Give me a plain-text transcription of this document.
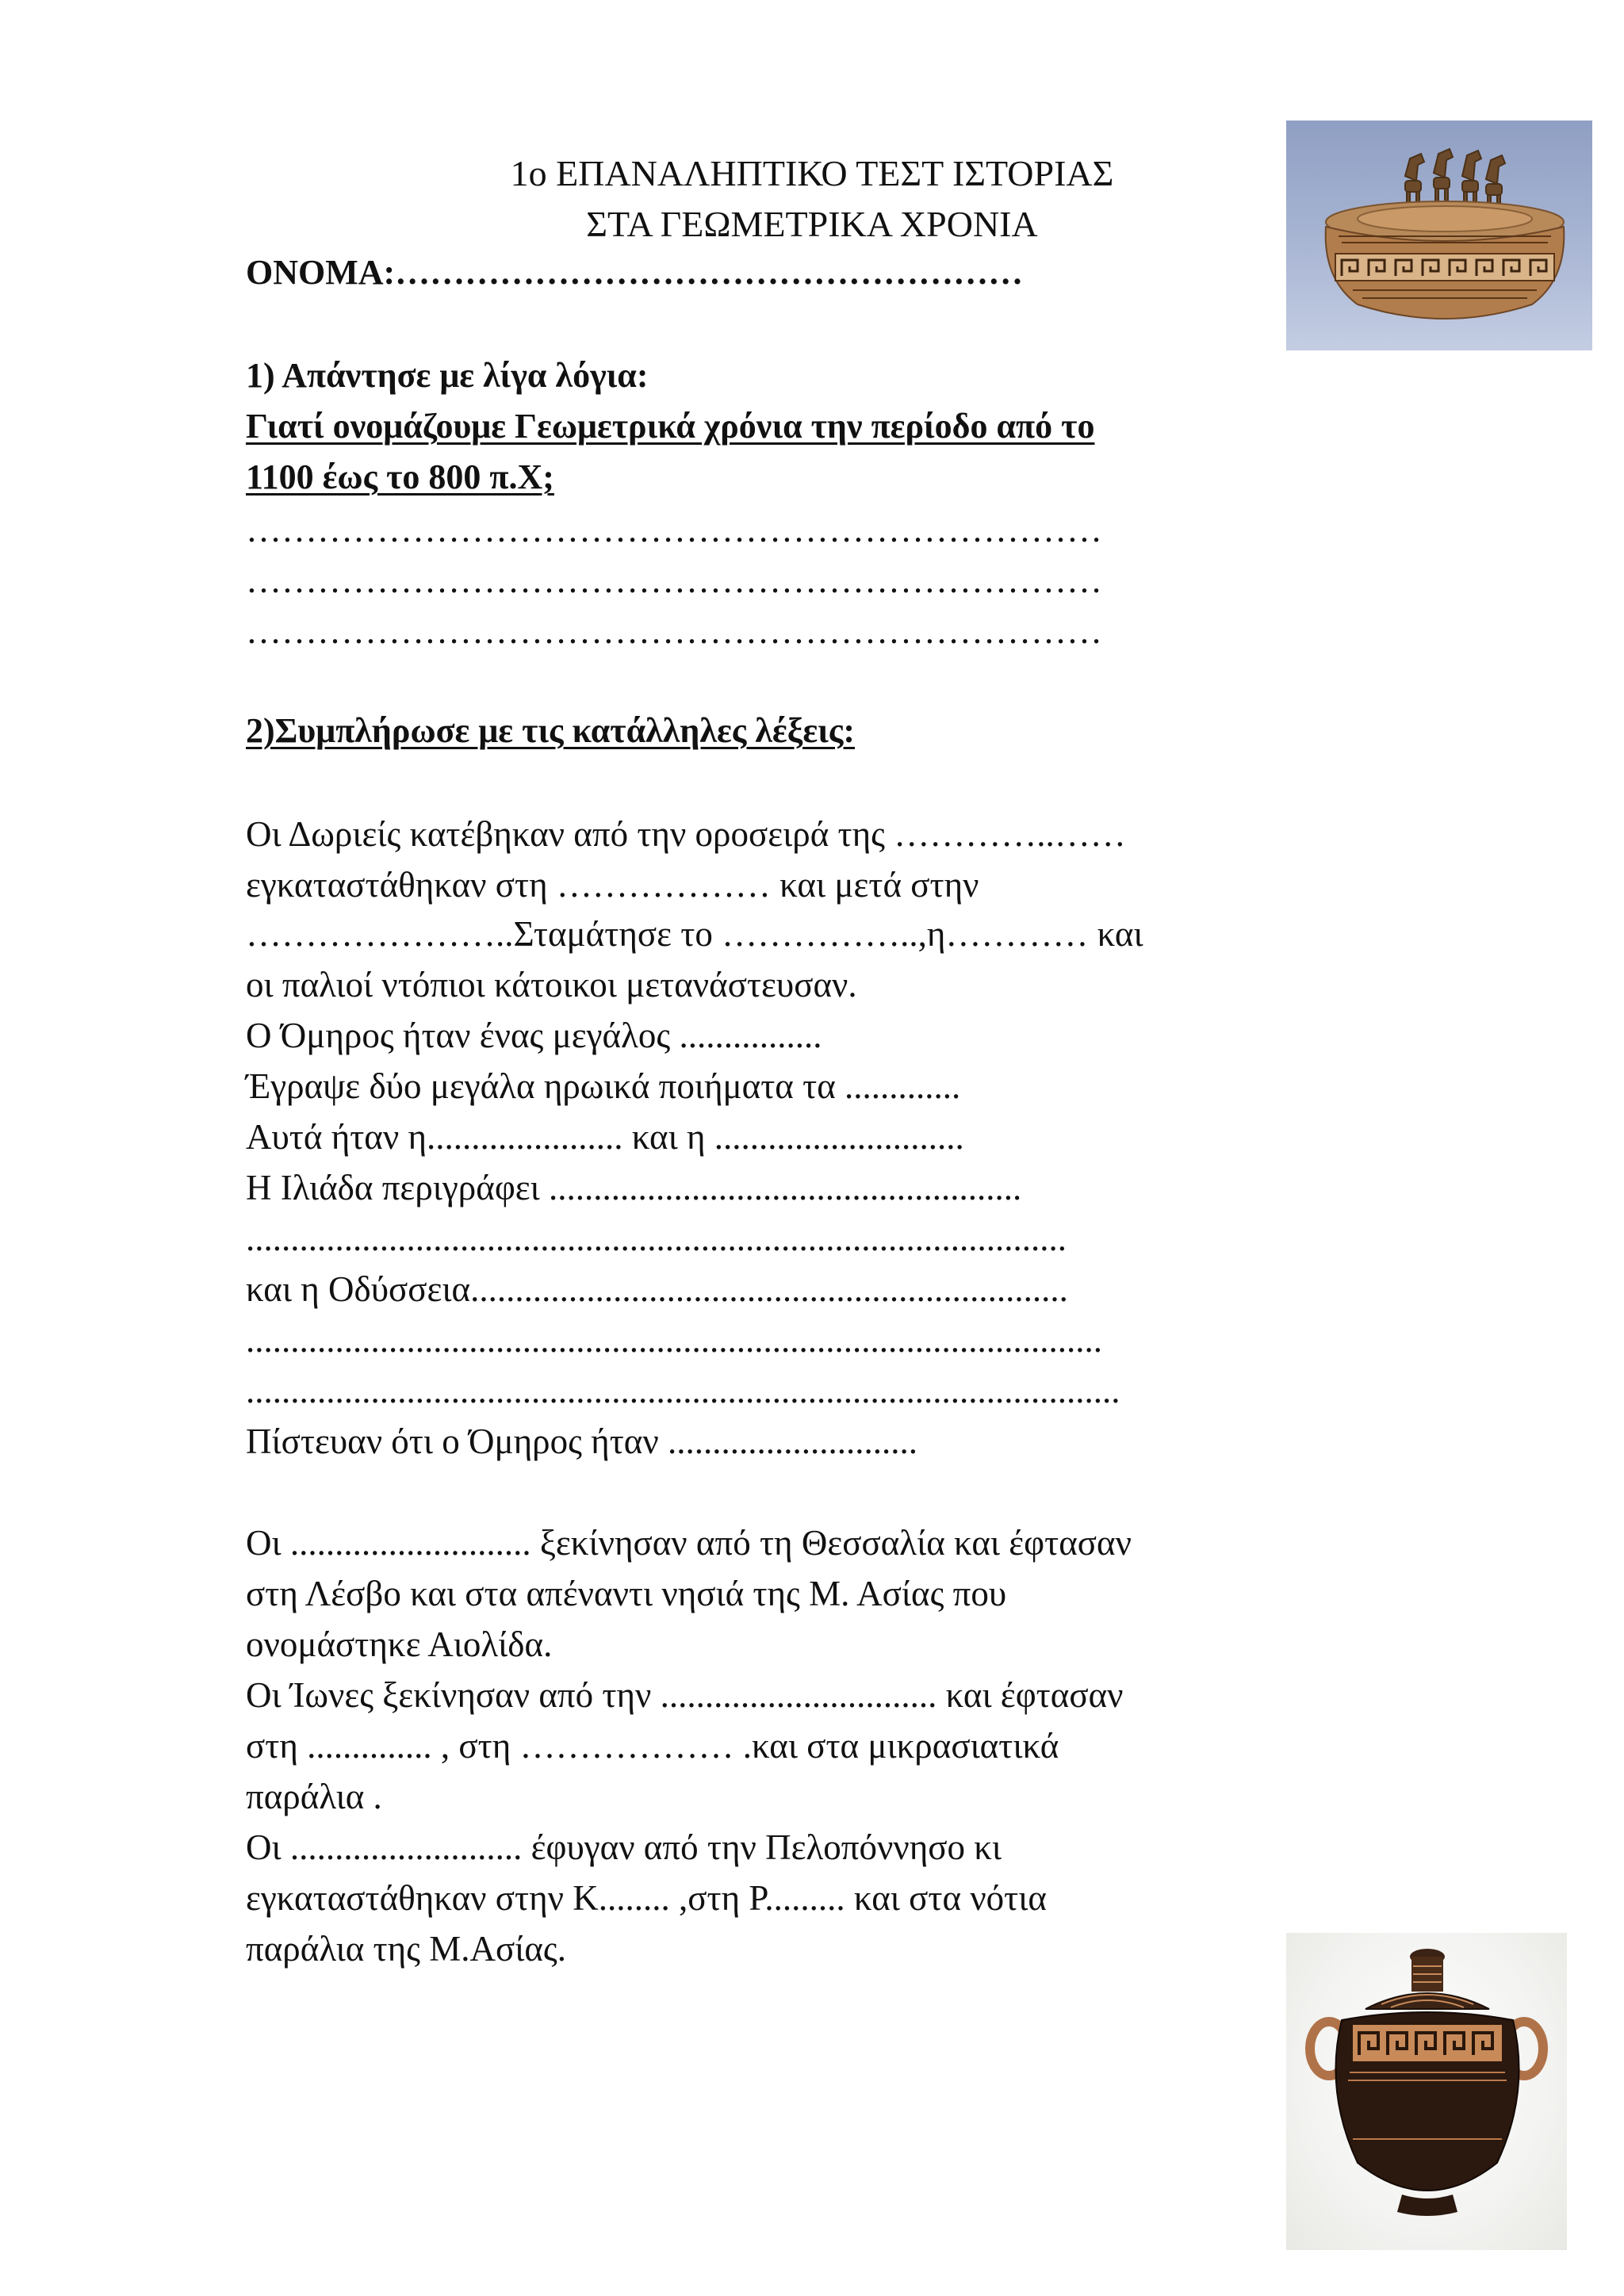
1ο ΕΠΑΝΑΛΗΠΤΙΚΟ ΤΕΣΤ ΙΣΤΟΡΙΑΣ
ΣΤΑ ΓΕΩΜΕΤΡΙΚΑ ΧΡΟΝΙΑ
ΟΝΟΜΑ:………………………………………………
1) Απάντησε με λίγα λόγια:
Γιατί ονομάζουμε Γεωμετρικά χρόνια την περίοδο από το
1100 έως το 800 π.Χ;
………………………………………………………………
………………………………………………………………
………………………………………………………………
2)Συμπλήρωσε με τις κατάλληλες λέξεις:
Οι Δωριείς κατέβηκαν από την οροσειρά της …………..……
εγκαταστάθηκαν στη ……………… και μετά στην
…………………..Σταμάτησε το ……………..,η………… και
οι παλιοί ντόπιοι κάτοικοι μετανάστευσαν.
Ο Όμηρος ήταν ένας μεγάλος ................
Έγραψε δύο μεγάλα ηρωικά ποιήματα τα .............
Αυτά ήταν η...................... και η ............................
Η Ιλιάδα περιγράφει .....................................................
............................................................................................
και η Οδύσσεια...................................................................
................................................................................................
..................................................................................................
Πίστευαν ότι ο Όμηρος ήταν ............................
Οι ........................... ξεκίνησαν από τη Θεσσαλία και έφτασαν
στη Λέσβο και στα απέναντι νησιά της Μ. Ασίας που
ονομάστηκε Αιολίδα.
Οι Ίωνες ξεκίνησαν από την ............................... και έφτασαν
στη .............. , στη ……………… .και στα μικρασιατικά
παράλια .
Οι .......................... έφυγαν από την Πελοπόννησο κι
εγκαταστάθηκαν στην Κ........ ,στη Ρ......... και στα νότια
παράλια της Μ.Ασίας.
